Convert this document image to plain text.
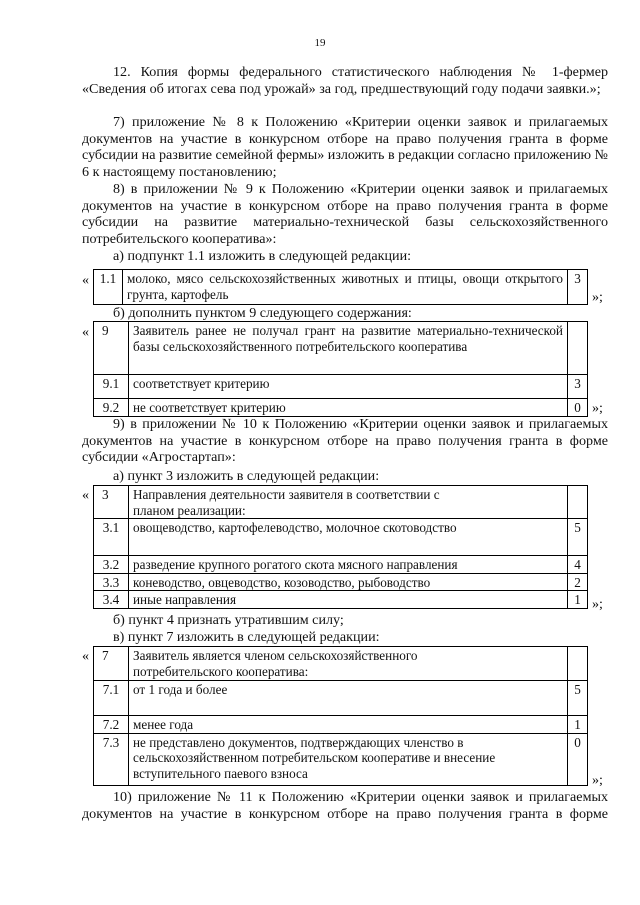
19
12. Копия формы федерального статистического наблюдения № 1-фермер «Сведения об итогах сева под урожай» за год, предшествующий году подачи заявки.»;
7) приложение № 8 к Положению «Критерии оценки заявок и прилагаемых документов на участие в конкурсном отборе на право получения гранта в форме субсидии на развитие семейной фермы» изложить в редакции согласно приложению № 6 к настоящему постановлению;
8) в приложении № 9 к Положению «Критерии оценки заявок и прилагаемых документов на участие в конкурсном отборе на право получения гранта в форме субсидии на развитие материально-технической базы сельскохозяйственного потребительского кооператива»:
а) подпункт 1.1 изложить в следующей редакции:
« 1.1	молоко, мясо сельскохозяйственных животных и птицы, овощи открытого грунта, картофель	3
»;
б) дополнить пунктом 9 следующего содержания:
« 9	Заявитель ранее не получал грант на развитие материально-технической базы сельскохозяйственного потребительского кооператива	
9.1	соответствует критерию	3
9.2	не соответствует критерию	0 »;
9) в приложении № 10 к Положению «Критерии оценки заявок и прилагаемых документов на участие в конкурсном отборе на право получения гранта в форме субсидии «Агростартап»:
а) пункт 3 изложить в следующей редакции:
« 3	Направления деятельности заявителя в соответствии с планом реализации:	
3.1	овощеводство, картофелеводство, молочное скотоводство	5
3.2	разведение крупного рогатого скота мясного направления	4
3.3	коневодство, овцеводство, козоводство, рыбоводство	2
3.4	иные направления	1 »;
б) пункт 4 признать утратившим силу;
в) пункт 7 изложить в следующей редакции:
« 7	Заявитель является членом сельскохозяйственного потребительского кооператива:	
7.1	от 1 года и более	5
7.2	менее года	1
7.3	не представлено документов, подтверждающих членство в сельскохозяйственном потребительском кооперативе и внесение вступительного паевого взноса	0
»;
10) приложение № 11 к Положению «Критерии оценки заявок и прилагаемых документов на участие в конкурсном отборе на право получения гранта в форме
